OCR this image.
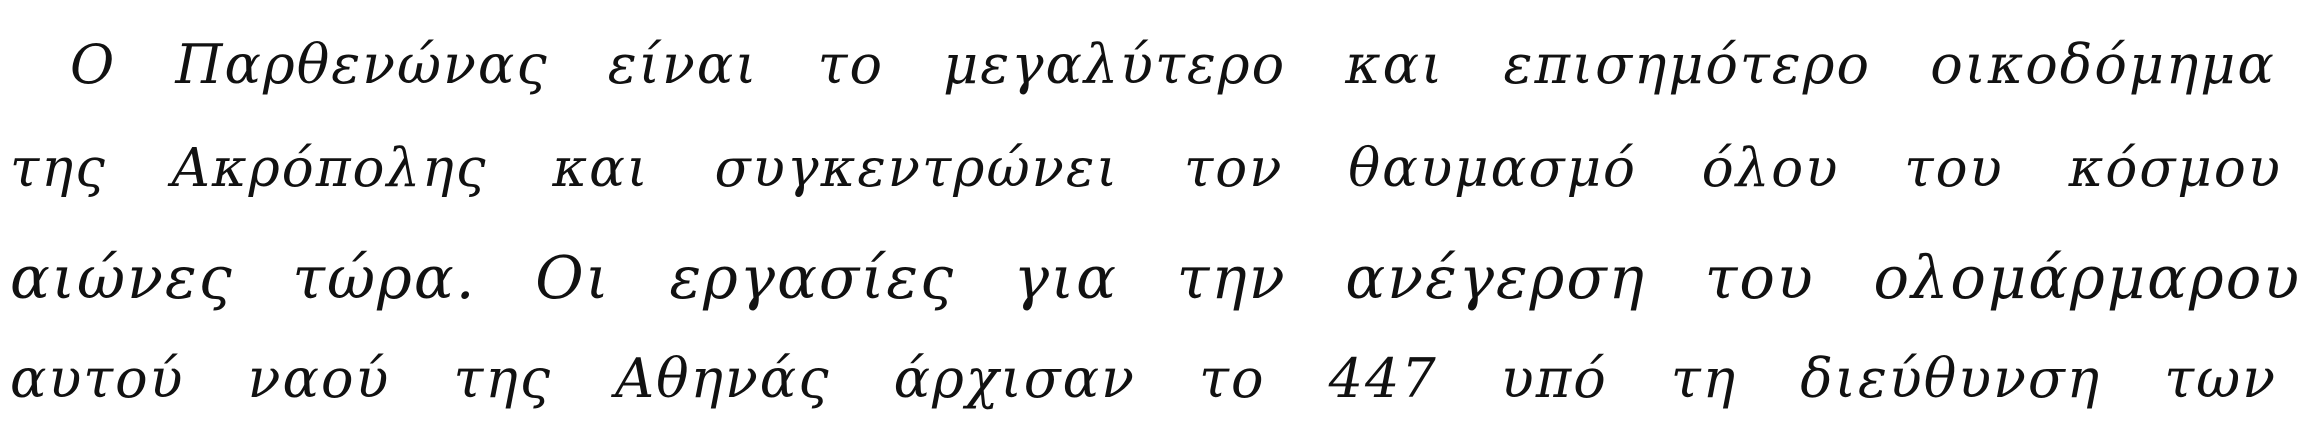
Ο Παρθενώνας είναι το μεγαλύτερο και επισημότερο οικοδόμημα
της Ακρόπολης και συγκεντρώνει τον θαυμασμό όλου του κόσμου
αιώνες τώρα. Οι εργασίες για την ανέγερση του ολομάρμαρου
αυτού ναού της Αθηνάς άρχισαν το 447 υπό τη διεύθυνση των
